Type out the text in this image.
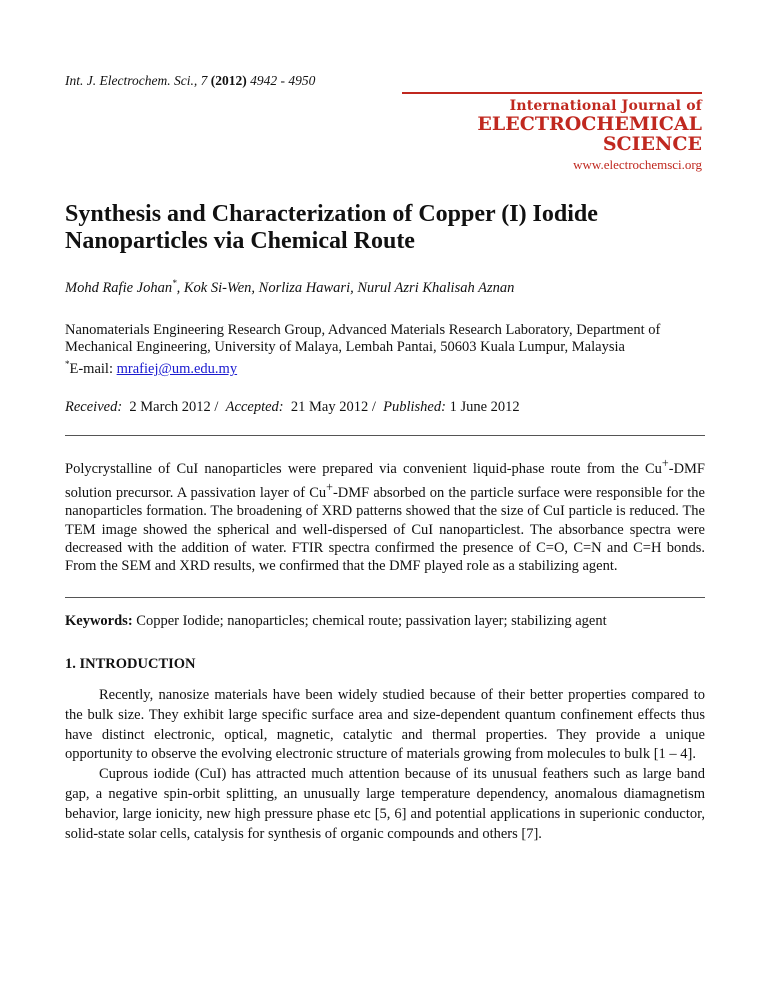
Int. J. Electrochem. Sci., 7 (2012) 4942 - 4950
International Journal of
ELECTROCHEMICAL
SCIENCE
www.electrochemsci.org
Synthesis and Characterization of Copper (I) Iodide
Nanoparticles via Chemical Route
Mohd Rafie Johan*, Kok Si-Wen, Norliza Hawari, Nurul Azri Khalisah Aznan
Nanomaterials Engineering Research Group, Advanced Materials Research Laboratory, Department of Mechanical Engineering, University of Malaya, Lembah Pantai, 50603 Kuala Lumpur, Malaysia
*E-mail: mrafiej@um.edu.my
Received: 2 March 2012 /  Accepted: 21 May 2012 /  Published: 1 June 2012
Polycrystalline of CuI nanoparticles were prepared via convenient liquid-phase route from the Cu+-DMF solution precursor. A passivation layer of Cu+-DMF absorbed on the particle surface were responsible for the nanoparticles formation. The broadening of XRD patterns showed that the size of CuI particle is reduced. The TEM image showed the spherical and well-dispersed of CuI nanoparticlest. The absorbance spectra were decreased with the addition of water. FTIR spectra confirmed the presence of C=O, C=N and C=H bonds. From the SEM and XRD results, we confirmed that the DMF played role as a stabilizing agent.
Keywords: Copper Iodide; nanoparticles; chemical route; passivation layer; stabilizing agent
1. INTRODUCTION

Recently, nanosize materials have been widely studied because of their better properties compared to the bulk size. They exhibit large specific surface area and size-dependent quantum confinement effects thus have distinct electronic, optical, magnetic, catalytic and thermal properties. They provide a unique opportunity to observe the evolving electronic structure of materials growing from molecules to bulk [1 – 4].

Cuprous iodide (CuI) has attracted much attention because of its unusual feathers such as large band gap, a negative spin-orbit splitting, an unusually large temperature dependency, anomalous diamagnetism behavior, large ionicity, new high pressure phase etc [5, 6] and potential applications in superionic conductor, solid-state solar cells, catalysis for synthesis of organic compounds and others [7].
